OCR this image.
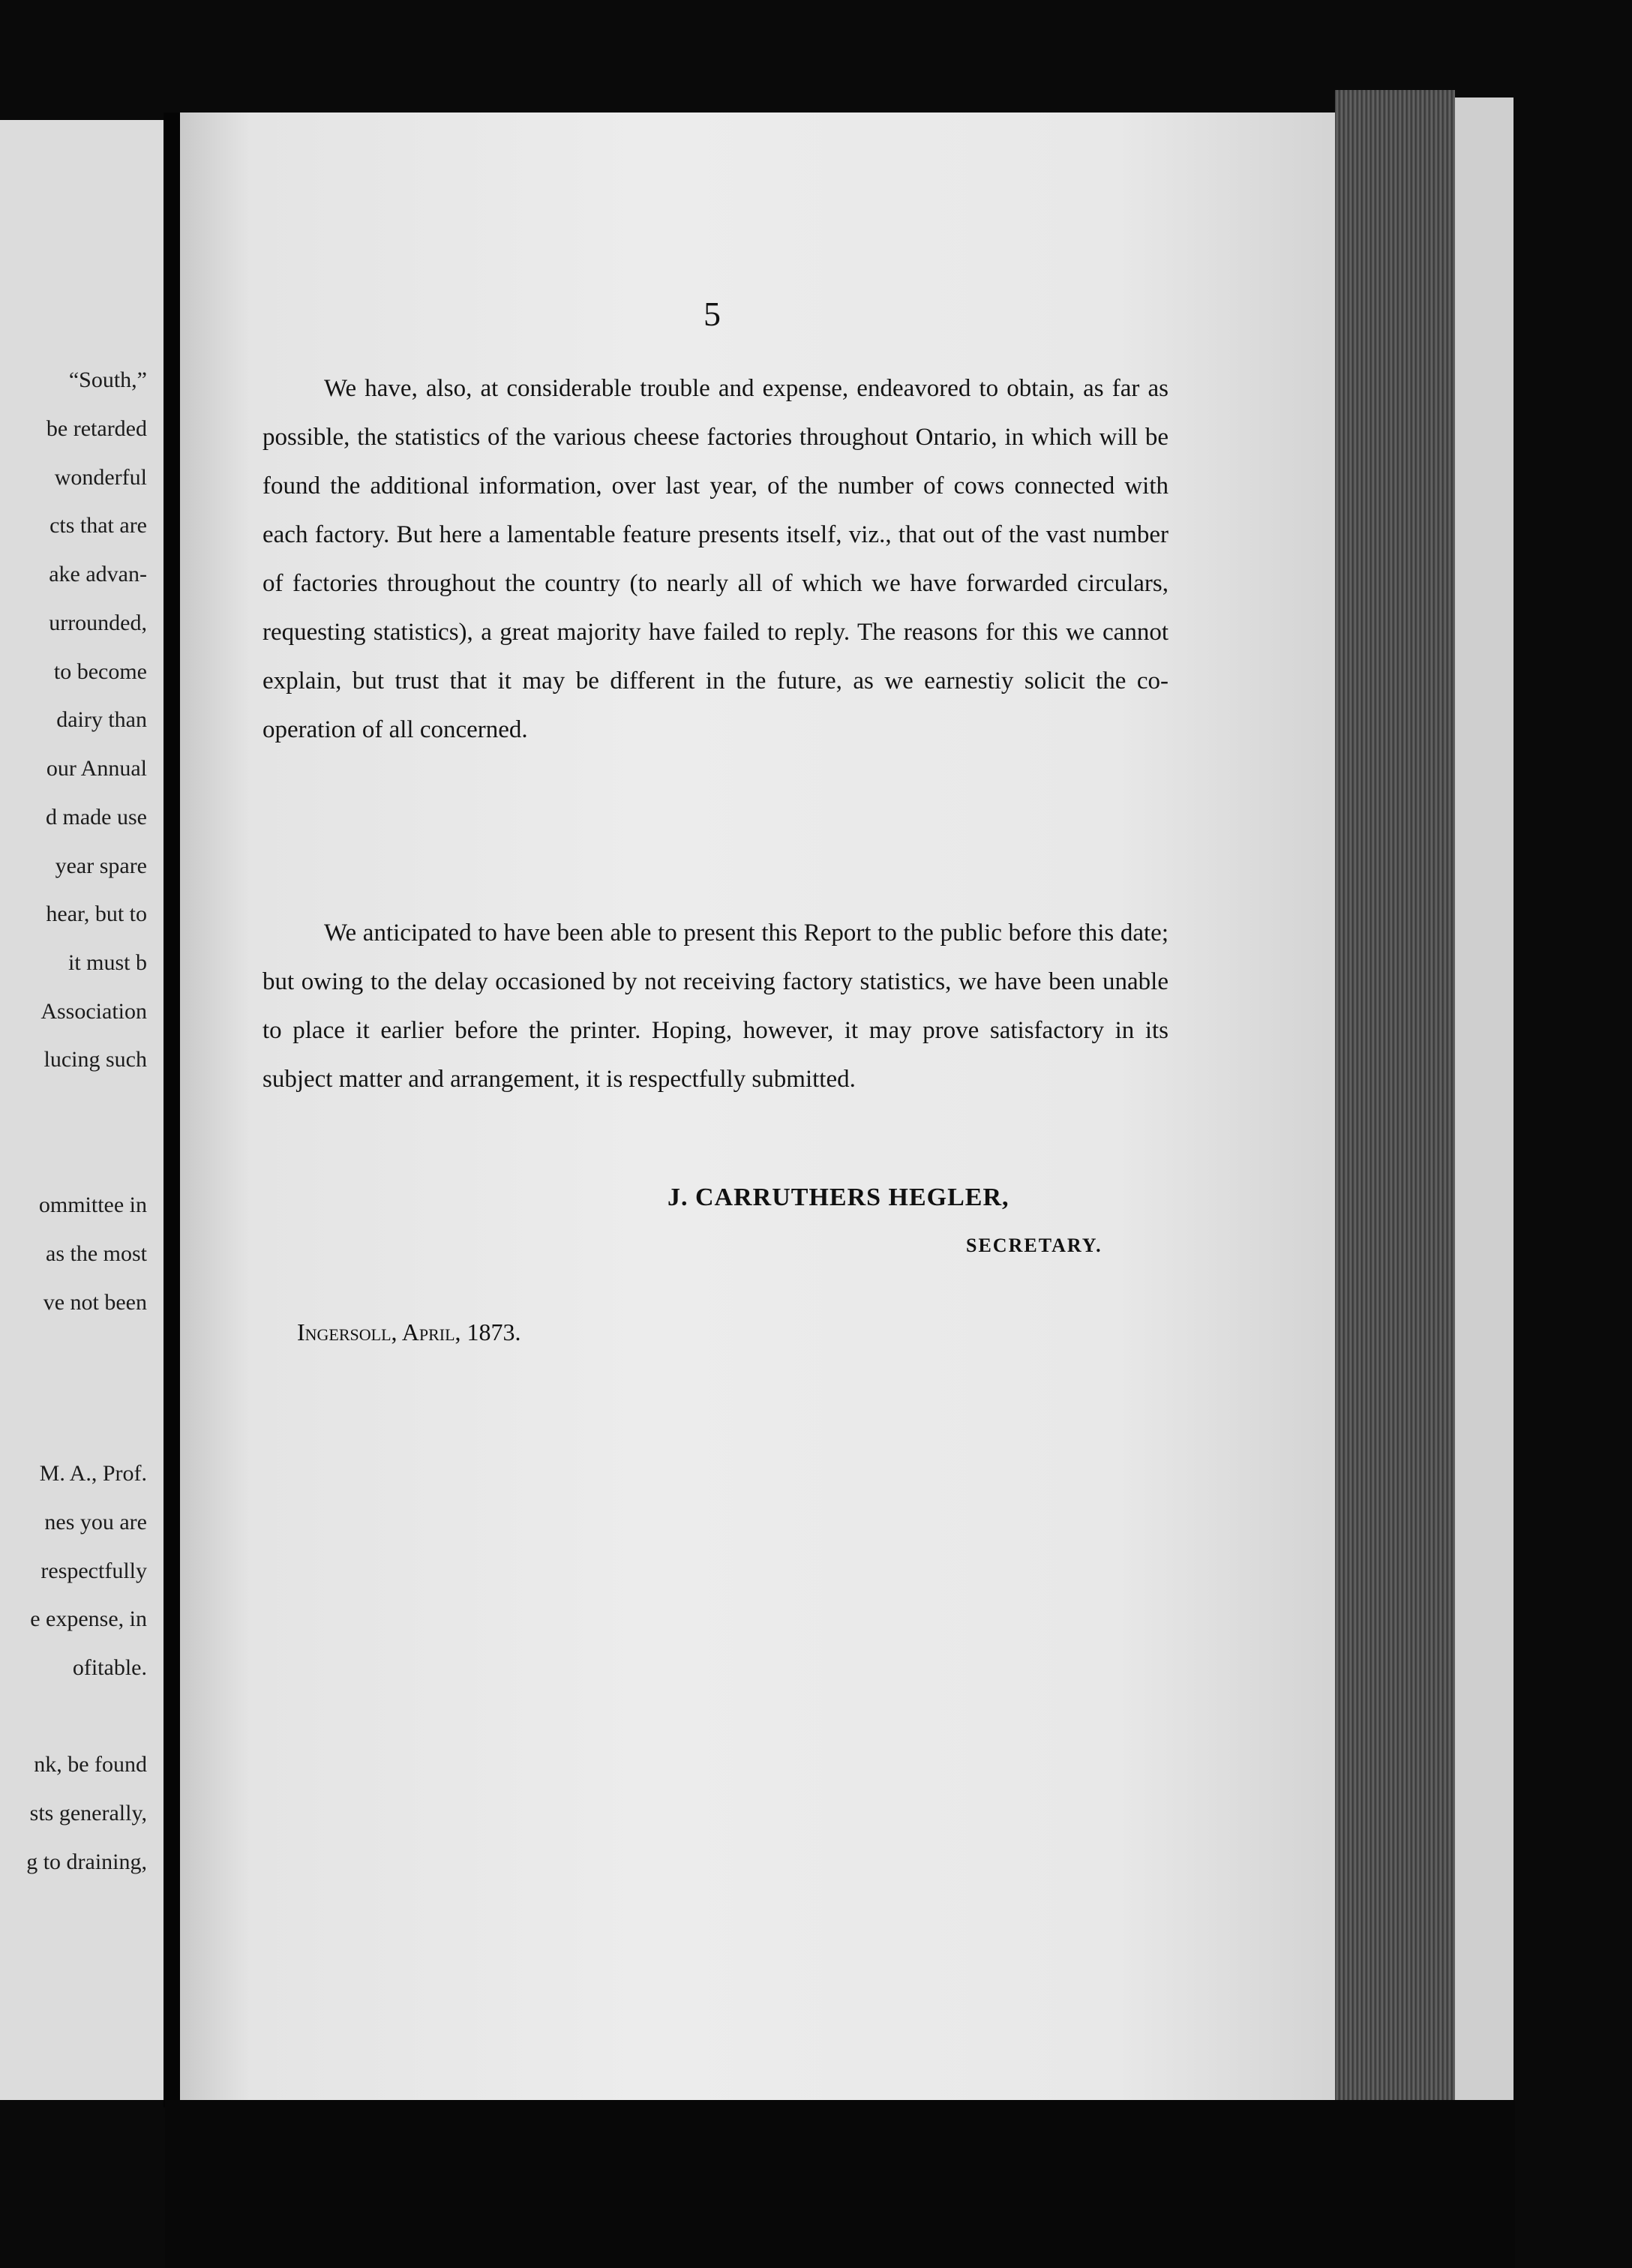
“South,”
be retarded
wonderful
cts that are
ake advan-
urrounded,
to become
dairy than
our Annual
d made use
year spare
hear, but to
it must b
Association
lucing such
ommittee in
as the most
ve not been
M. A., Prof.
nes you are
respectfully
e expense, in
ofitable.
nk, be found
sts generally,
g to draining,
5

We have, also, at considerable trouble and expense, endeavored to obtain, as far as possible, the statistics of the various cheese factories throughout Ontario, in which will be found the additional information, over last year, of the number of cows connected with each factory. But here a lamentable feature presents itself, viz., that out of the vast number of factories throughout the country (to nearly all of which we have forwarded circulars, requesting statistics), a great majority have failed to reply. The reasons for this we cannot explain, but trust that it may be different in the future, as we earnestiy solicit the co-operation of all concerned.

We anticipated to have been able to present this Report to the public before this date; but owing to the delay occasioned by not receiving factory statistics, we have been unable to place it earlier before the printer. Hoping, however, it may prove satisfactory in its subject matter and arrangement, it is respectfully submitted.

J. CARRUTHERS HEGLER,
SECRETARY.
Ingersoll, April, 1873.
